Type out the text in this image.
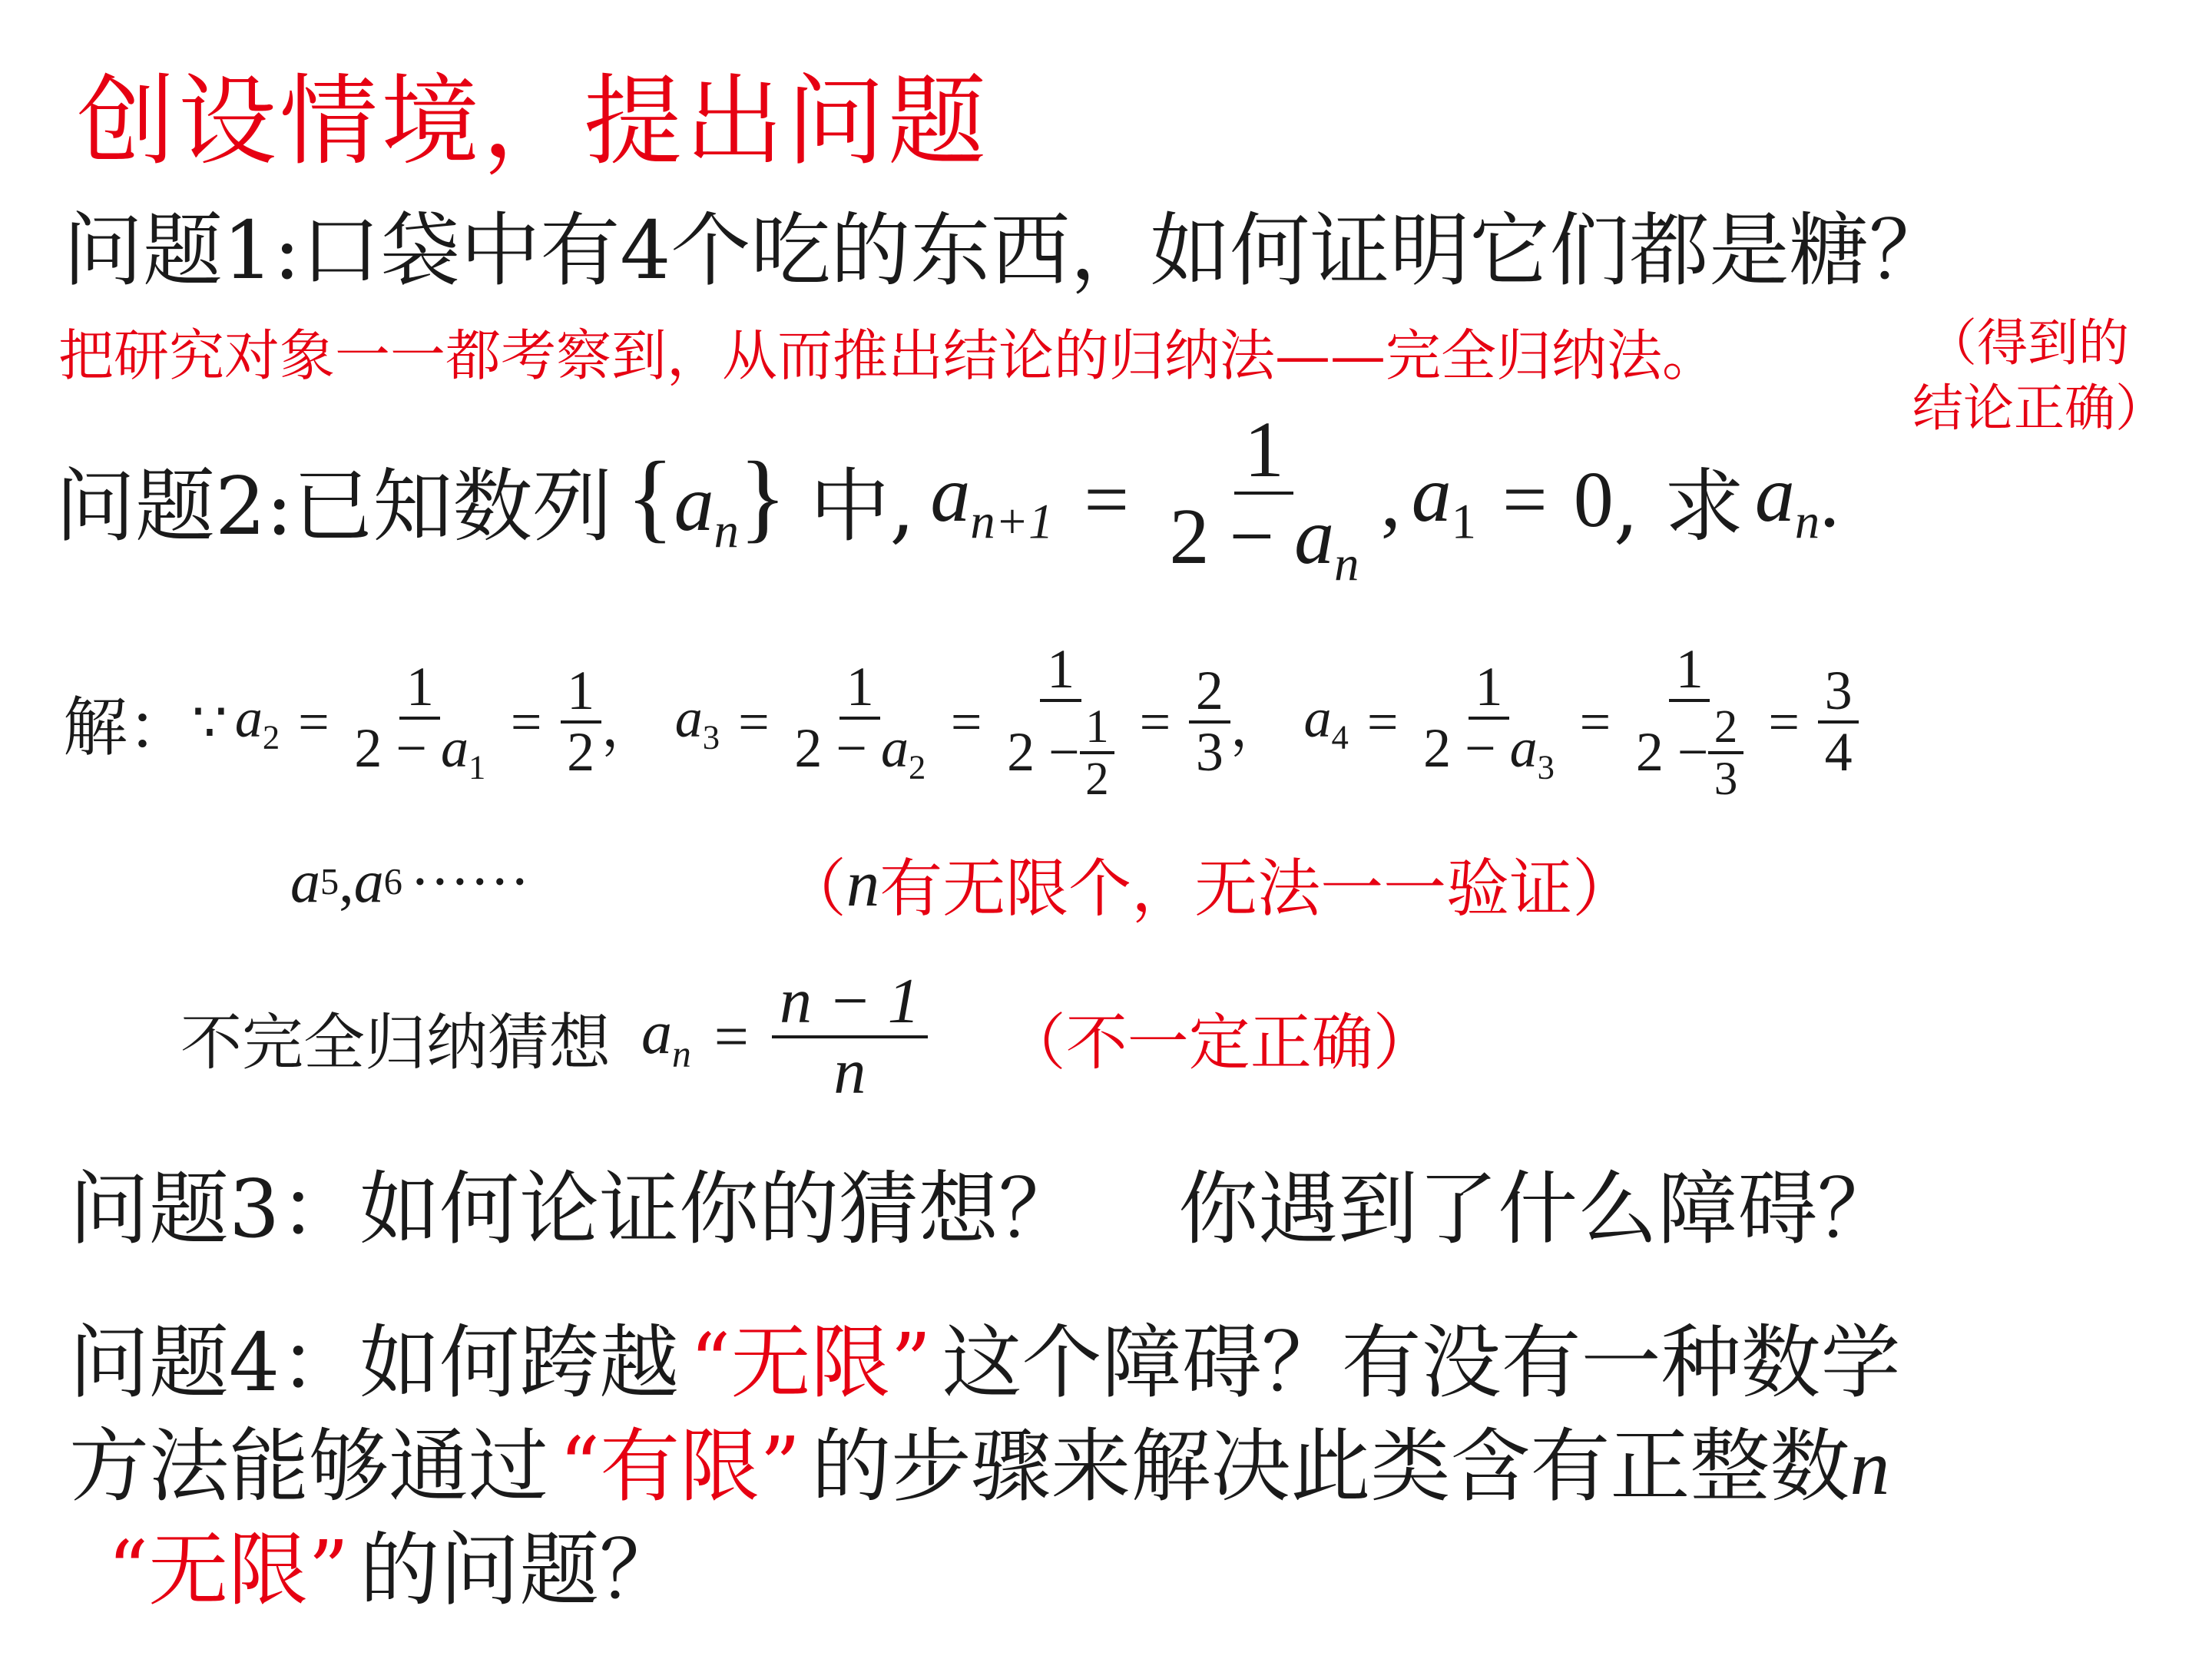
创设情境，提出问题
问题1:口袋中有4个吃的东西，如何证明它们都是糖？
把研究对象一一都考察到，从而推出结论的归纳法——完全归纳法。	（得到的
结论正确）
问题2:已知数列 $\{a_n\}$ 中, $a_{n+1} = \frac{1}{2 - a_n}$ , $a_1 = 0$ , 求 $a_n$ .
解： ∵ $a_2 = \frac{1}{2 - a_1} = \frac{1}{2}$ ， $a_3 = \frac{1}{2 - a_2} = \frac{1}{2 - \frac{1}{2}} = \frac{2}{3}$ ， $a_4 = \frac{1}{2 - a_3} = \frac{1}{2 - \frac{2}{3}} = \frac{3}{4}$
a 5 , a 6 ······	（ n 有无限个，无法一一验证）
不完全归纳猜想 $a_n = \frac{n - 1}{n}$ （不一定正确）
问题3：如何论证你的猜想？ 你遇到了什么障碍？
问题4：如何跨越 “无限” 这个障碍？有没有一种数学
方法能够通过 “有限” 的步骤来解决此类含有正整数n
“无限” 的问题？
